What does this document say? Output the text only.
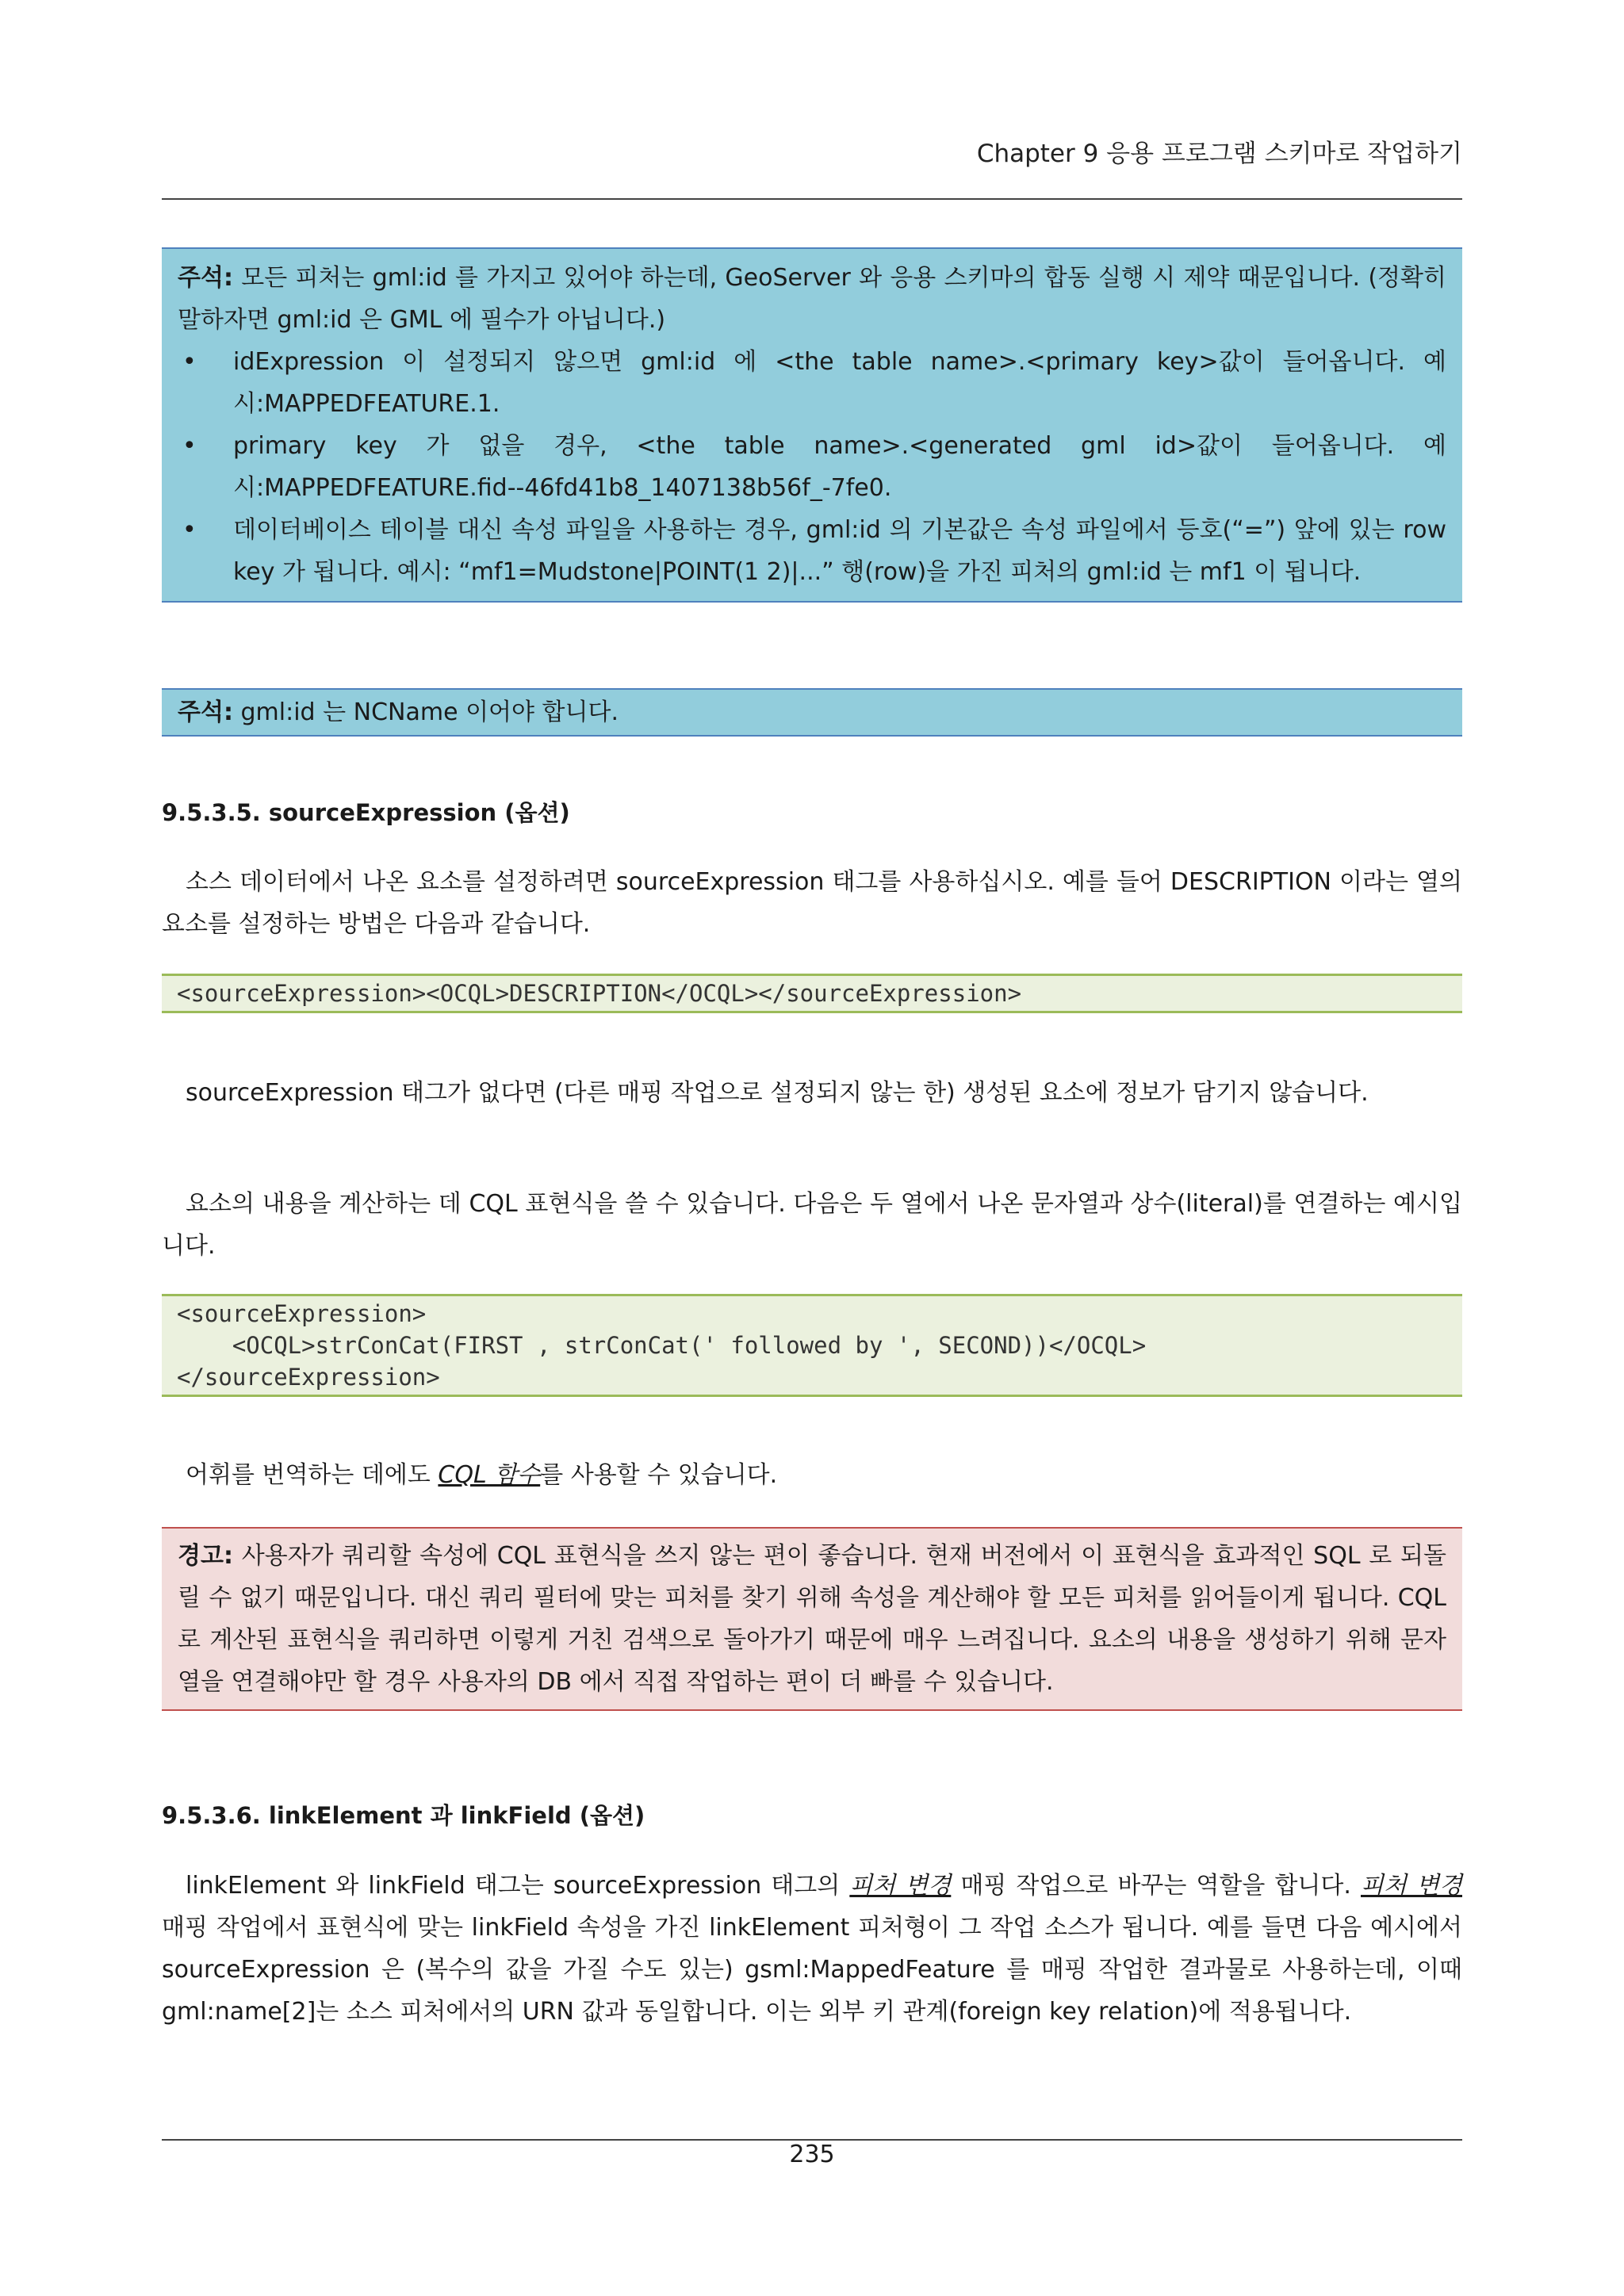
Chapter 9 응용 프로그램 스키마로 작업하기
주석: 모든 피처는 gml:id 를 가지고 있어야 하는데, GeoServer 와 응용 스키마의 합동 실행 시 제약 때문입니다. (정확히 말하자면 gml:id 은 GML 에 필수가 아닙니다.)
• idExpression 이 설정되지 않으면 gml:id 에 <the table name>.<primary key>값이 들어옵니다. 예시:MAPPEDFEATURE.1.
• primary key 가 없을 경우, <the table name>.<generated gml id>값이 들어옵니다. 예시:MAPPEDFEATURE.fid--46fd41b8_1407138b56f_-7fe0.
• 데이터베이스 테이블 대신 속성 파일을 사용하는 경우, gml:id 의 기본값은 속성 파일에서 등호(“=”) 앞에 있는 row key 가 됩니다. 예시: “mf1=Mudstone|POINT(1 2)|...” 행(row)을 가진 피처의 gml:id 는 mf1 이 됩니다.
주석: gml:id 는 NCName 이어야 합니다.
9.5.3.5. sourceExpression (옵션)
소스 데이터에서 나온 요소를 설정하려면 sourceExpression 태그를 사용하십시오. 예를 들어 DESCRIPTION 이라는 열의 요소를 설정하는 방법은 다음과 같습니다.
<sourceExpression><OCQL>DESCRIPTION</OCQL></sourceExpression>
sourceExpression 태그가 없다면 (다른 매핑 작업으로 설정되지 않는 한) 생성된 요소에 정보가 담기지 않습니다.
요소의 내용을 계산하는 데 CQL 표현식을 쓸 수 있습니다. 다음은 두 열에서 나온 문자열과 상수(literal)를 연결하는 예시입니다.
<sourceExpression>
<OCQL>strConCat(FIRST , strConCat(' followed by ', SECOND))</OCQL>
</sourceExpression>
어휘를 번역하는 데에도 CQL 함수를 사용할 수 있습니다.
경고: 사용자가 쿼리할 속성에 CQL 표현식을 쓰지 않는 편이 좋습니다. 현재 버전에서 이 표현식을 효과적인 SQL 로 되돌릴 수 없기 때문입니다. 대신 쿼리 필터에 맞는 피처를 찾기 위해 속성을 계산해야 할 모든 피처를 읽어들이게 됩니다. CQL 로 계산된 표현식을 쿼리하면 이렇게 거친 검색으로 돌아가기 때문에 매우 느려집니다. 요소의 내용을 생성하기 위해 문자열을 연결해야만 할 경우 사용자의 DB 에서 직접 작업하는 편이 더 빠를 수 있습니다.
9.5.3.6. linkElement 과 linkField (옵션)
linkElement 와 linkField 태그는 sourceExpression 태그의 피처 변경 매핑 작업으로 바꾸는 역할을 합니다. 피처 변경 매핑 작업에서 표현식에 맞는 linkField 속성을 가진 linkElement 피처형이 그 작업 소스가 됩니다. 예를 들면 다음 예시에서 sourceExpression 은 (복수의 값을 가질 수도 있는) gsml:MappedFeature 를 매핑 작업한 결과물로 사용하는데, 이때 gml:name[2]는 소스 피처에서의 URN 값과 동일합니다. 이는 외부 키 관계(foreign key relation)에 적용됩니다.
235
